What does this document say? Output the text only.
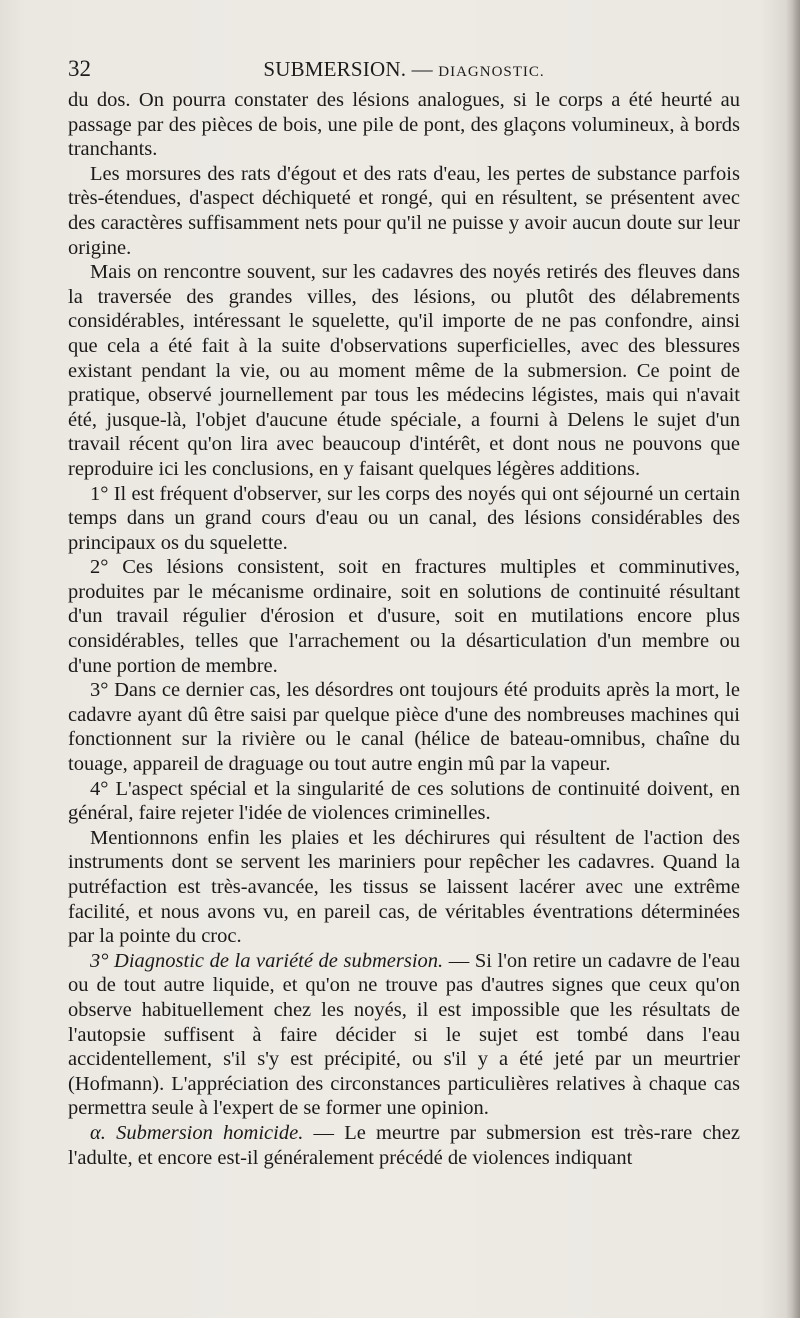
32	SUBMERSION. — DIAGNOSTIC.

du dos. On pourra constater des lésions analogues, si le corps a été heurté au passage par des pièces de bois, une pile de pont, des glaçons volumineux, à bords tranchants.

Les morsures des rats d'égout et des rats d'eau, les pertes de substance parfois très-étendues, d'aspect déchiqueté et rongé, qui en résultent, se présentent avec des caractères suffisamment nets pour qu'il ne puisse y avoir aucun doute sur leur origine.

Mais on rencontre souvent, sur les cadavres des noyés retirés des fleuves dans la traversée des grandes villes, des lésions, ou plutôt des délabrements considérables, intéressant le squelette, qu'il importe de ne pas confondre, ainsi que cela a été fait à la suite d'observations superficielles, avec des blessures existant pendant la vie, ou au moment même de la submersion. Ce point de pratique, observé journellement par tous les médecins légistes, mais qui n'avait été, jusque-là, l'objet d'aucune étude spéciale, a fourni à Delens le sujet d'un travail récent qu'on lira avec beaucoup d'intérêt, et dont nous ne pouvons que reproduire ici les conclusions, en y faisant quelques légères additions.

1° Il est fréquent d'observer, sur les corps des noyés qui ont séjourné un certain temps dans un grand cours d'eau ou un canal, des lésions considérables des principaux os du squelette.

2° Ces lésions consistent, soit en fractures multiples et comminutives, produites par le mécanisme ordinaire, soit en solutions de continuité résultant d'un travail régulier d'érosion et d'usure, soit en mutilations encore plus considérables, telles que l'arrachement ou la désarticulation d'un membre ou d'une portion de membre.

3° Dans ce dernier cas, les désordres ont toujours été produits après la mort, le cadavre ayant dû être saisi par quelque pièce d'une des nombreuses machines qui fonctionnent sur la rivière ou le canal (hélice de bateau-omnibus, chaîne du touage, appareil de draguage ou tout autre engin mû par la vapeur.

4° L'aspect spécial et la singularité de ces solutions de continuité doivent, en général, faire rejeter l'idée de violences criminelles.

Mentionnons enfin les plaies et les déchirures qui résultent de l'action des instruments dont se servent les mariniers pour repêcher les cadavres. Quand la putréfaction est très-avancée, les tissus se laissent lacérer avec une extrême facilité, et nous avons vu, en pareil cas, de véritables éventrations déterminées par la pointe du croc.

3° Diagnostic de la variété de submersion. — Si l'on retire un cadavre de l'eau ou de tout autre liquide, et qu'on ne trouve pas d'autres signes que ceux qu'on observe habituellement chez les noyés, il est impossible que les résultats de l'autopsie suffisent à faire décider si le sujet est tombé dans l'eau accidentellement, s'il s'y est précipité, ou s'il y a été jeté par un meurtrier (Hofmann). L'appréciation des circonstances particulières relatives à chaque cas permettra seule à l'expert de se former une opinion.

α. Submersion homicide. — Le meurtre par submersion est très-rare chez l'adulte, et encore est-il généralement précédé de violences indiquant
